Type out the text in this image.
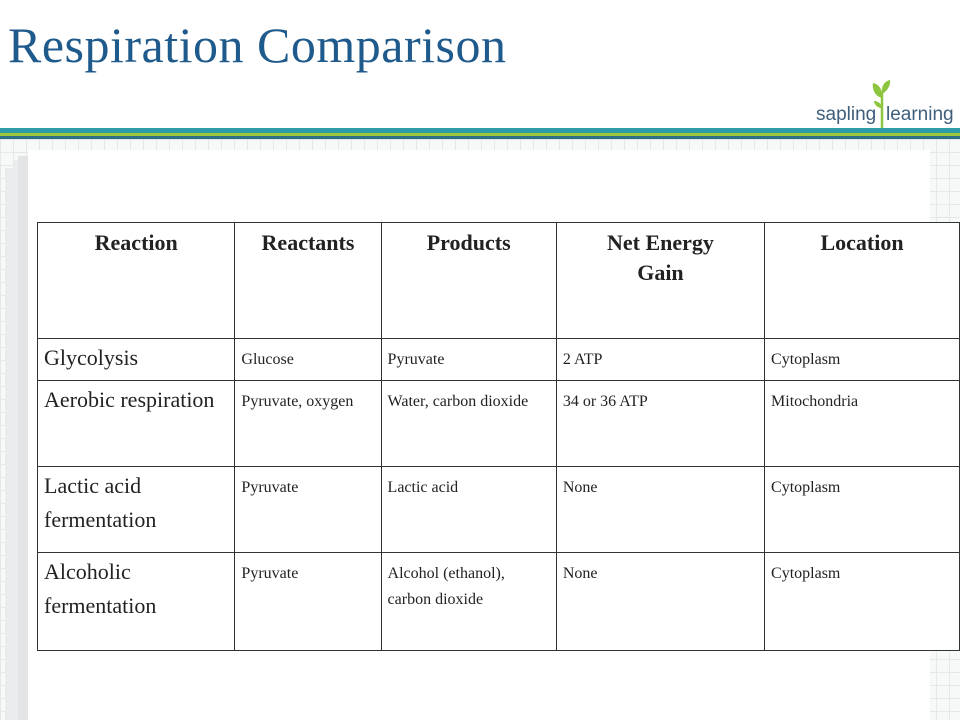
Respiration Comparison
sapling learning
Reaction	Reactants	Products	Net Energy Gain	Location
Glycolysis	Glucose	Pyruvate	2 ATP	Cytoplasm
Aerobic respiration	Pyruvate, oxygen	Water, carbon dioxide	34 or 36 ATP	Mitochondria
Lactic acid fermentation	Pyruvate	Lactic acid	None	Cytoplasm
Alcoholic fermentation	Pyruvate	Alcohol (ethanol), carbon dioxide	None	Cytoplasm
